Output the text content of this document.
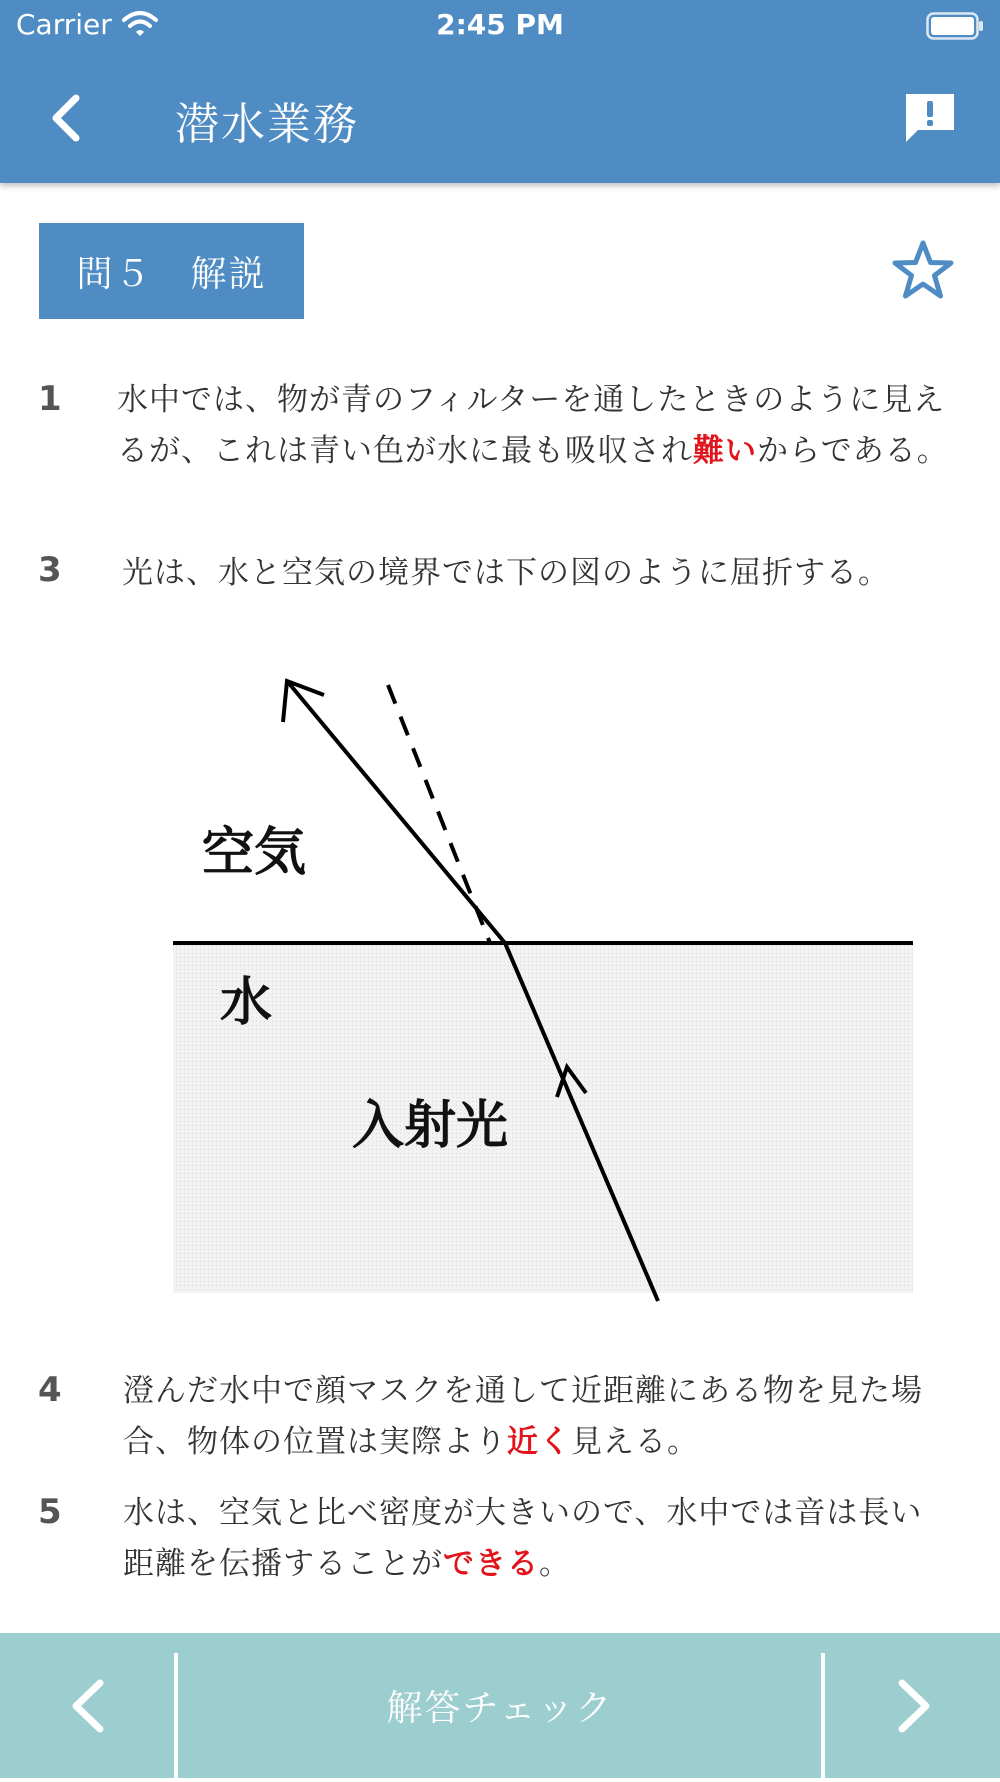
Carrier	2:45 PM
潜水業務
問５　解説
1 水中では、物が青のフィルターを通したときのように見えるが、これは青い色が水に最も吸収され難いからである。
3 光は、水と空気の境界では下の図のように屈折する。
空気
水
入射光
4 澄んだ水中で顔マスクを通して近距離にある物を見た場合、物体の位置は実際より近く見える。
5 水は、空気と比べ密度が大きいので、水中では音は長い距離を伝播することができる。
解答チェック
